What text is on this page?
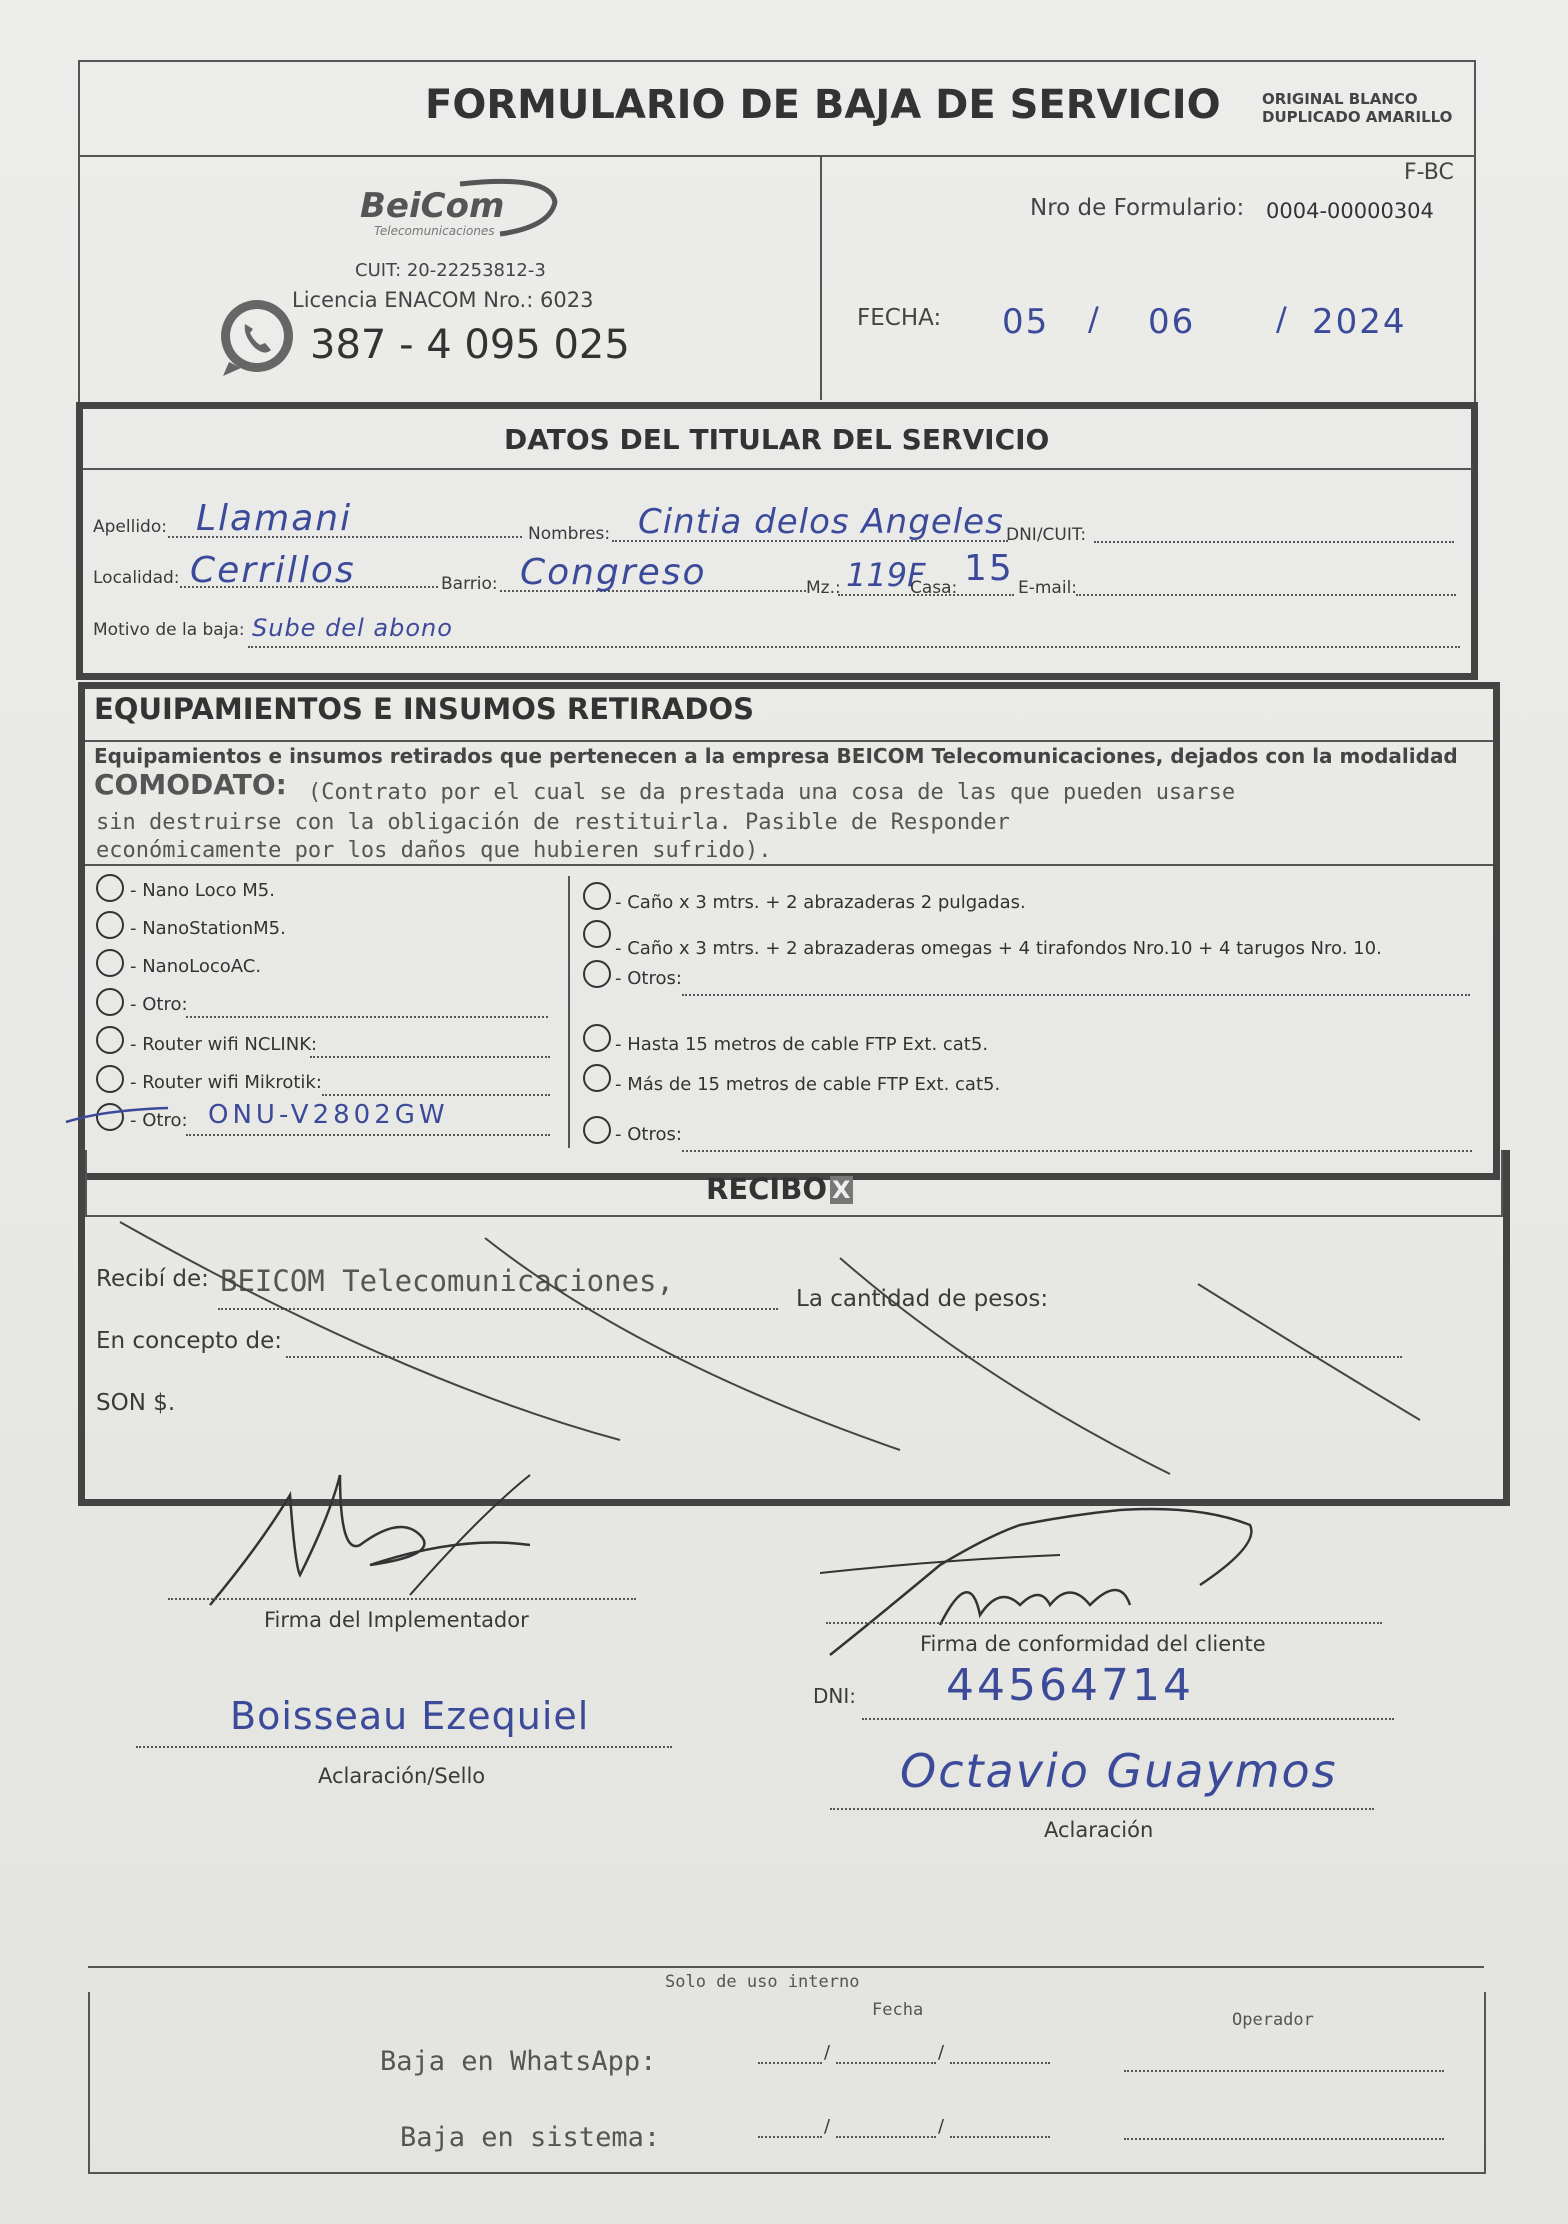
FORMULARIO DE BAJA DE SERVICIO	ORIGINAL BLANCO
DUPLICADO AMARILLO
BeiCom
Telecomunicaciones
CUIT: 20-22253812-3
Licencia ENACOM Nro.: 6023
387 - 4 095 025
F-BC
Nro de Formulario: 0004-00000304
FECHA: 05 / 06	/ 2024
DATOS DEL TITULAR DEL SERVICIO
Apellido: Llamani	Nombres: Cintia delos Angeles DNI/CUIT:
Localidad: Cerrillos	Barrio: Congreso	Mz.: 119F
Casa: 15 E-mail:
Motivo de la baja: Sube del abono
EQUIPAMIENTOS E INSUMOS RETIRADOS
Equipamientos e insumos retirados que pertenecen a la empresa BEICOM Telecomunicaciones, dejados con la modalidad
COMODATO: (Contrato por el cual se da prestada una cosa de las que pueden usarse
sin destruirse con la obligación de restituirla. Pasible de Responder
económicamente por los daños que hubieren sufrido).
- Nano Loco M5.
- NanoStationM5.
- NanoLocoAC.
- Otro:
- Router wifi NCLINK:
- Router wifi Mikrotik:
- Otro: ONU-V2802GW
- Caño x 3 mtrs. + 2 abrazaderas 2 pulgadas.
- Caño x 3 mtrs. + 2 abrazaderas omegas + 4 tirafondos Nro.10 + 4 tarugos Nro. 10.
- Otros:
- Hasta 15 metros de cable FTP Ext. cat5.
- Más de 15 metros de cable FTP Ext. cat5.
- Otros:
RECIBO X
Recibí de: BEICOM Telecomunicaciones,
La cantidad de pesos:
En concepto de:
SON $.
Firma del Implementador
Boisseau Ezequiel
Aclaración/Sello
Firma de conformidad del cliente
DNI: 44564714
Octavio Guaymos
Aclaración
Solo de uso interno
Fecha	Operador
Baja en WhatsApp:	/	/
Baja en sistema:	/	/
